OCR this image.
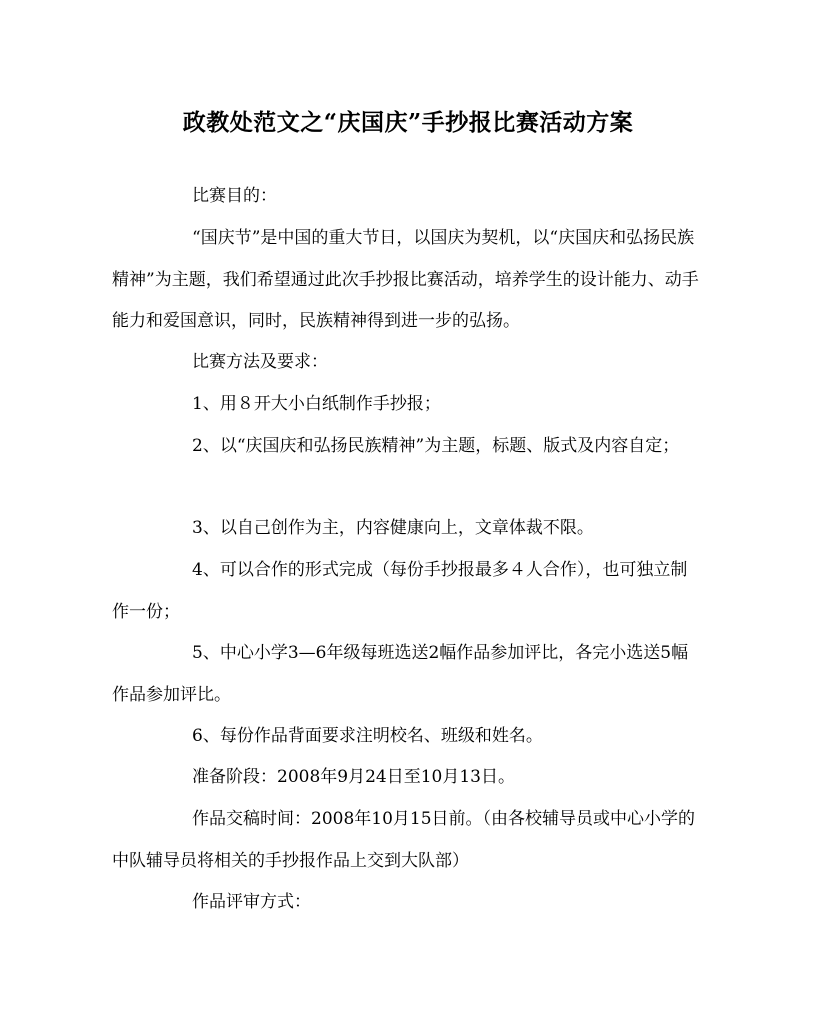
政教处范文之“庆国庆”手抄报比赛活动方案

比赛目的：

“国庆节”是中国的重大节日，以国庆为契机，以“庆国庆和弘扬民族精神”为主题，我们希望通过此次手抄报比赛活动，培养学生的设计能力、动手能力和爱国意识，同时，民族精神得到进一步的弘扬。

比赛方法及要求：

1、用８开大小白纸制作手抄报；

2、以“庆国庆和弘扬民族精神”为主题，标题、版式及内容自定；

3、以自己创作为主，内容健康向上，文章体裁不限。

4、可以合作的形式完成（每份手抄报最多４人合作），也可独立制作一份；

5、中心小学3—6年级每班选送2幅作品参加评比，各完小选送5幅作品参加评比。

6、每份作品背面要求注明校名、班级和姓名。

准备阶段：2008年9月24日至10月13日。

作品交稿时间：2008年10月15日前。（由各校辅导员或中心小学的中队辅导员将相关的手抄报作品上交到大队部）

作品评审方式：
